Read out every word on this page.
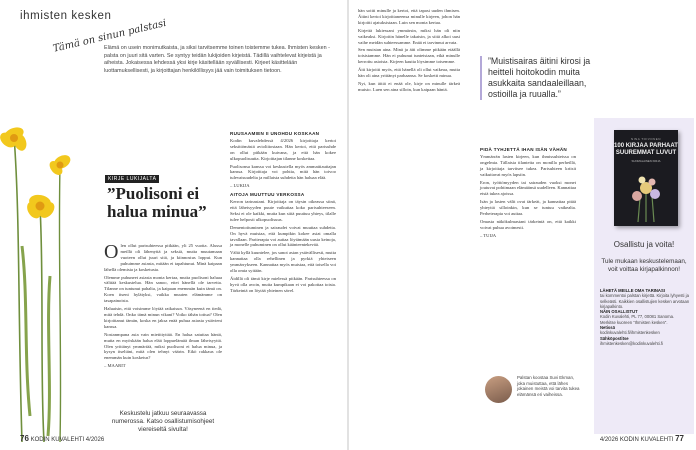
ihmisten kesken
Tämä on sinun palstasi

Elämä on usein monimutkaista, ja siksi tarvitsemme toinen toistemme tukea. Ihmisten kesken -palsta on juuri sitä varten. Se syntyy teidän lukijoiden kirjeistä. Tädillä vaihtelevat kirjeistä ja aiheista. Jokaisessa lehdessä yksi kirje käsitellään syvällisesti. Kirjeet käsittelään luottamuksellisesti, ja kirjoittajan henkilöllisyys jää vain toimituksen tietoon.

KIRJE LUKIJALTA
”Puolisoni ei halua minua”
O len ollut parisuhteessa pitkään, yli 25 vuotta. Alussa meillä oli lähenyttä ja seksiä, mutta muutamaan vuoteen ollut juuri sitä, ja kiinnostus loppui. Kun puhuimme asiasta, mitään ei tapahtunut. Minä kaipaan lähellä olemista ja kosketusta.

Olemme puhuneet asiasta monta kertaa, mutta puolisoni haluaa välttää keskustelua. Hän sanoo, ettei hänellä ole tarvetta. Tilanne on tuntunut pahalta, ja kaipaan enemmän kuin tämä on. Koen itseni hylätyksi, vaikka muuten elämämme on tasapainoista.

Haluaisin, että voisimme löytää ratkaisun. Väsyneenä en tiedä, mitä tehdä. Onko tämä minun vikani? Voiko tähän tottua? Olen kirjoittanut tämän, koska en jaksa enää puhua asiasta ystävieni kanssa.

Nostanmpana asia vain mietittyttää. En halua satuttaa häntä, mutta en myöskään halua elää loppuelämää ilman läheisyyttä. Olen yrittänyt ymmärtää, miksi puolisoni ei halua minua, ja kysyn itseltäni, mitä olen tehnyt väärin. Eikö rakkaus ole enemmän kuin kosketus?

– MAARIT

Keskustelu jatkuu seuraavassa numerossa. Katso osallistumisohjeet viereiseltä sivulta!

RUUSAAMIEN II UNOHDU KOSKAAN

Kodin kuvalehdessä 4/2026 kirjoittaja kertoi seksittömästä avioliitostaan. Hän kertoi, että parisuhde on ollut pitkään kuivana, ja että hän kokee ulkopuolisuutta. Kirjoittajan tilanne koskettaa.

Puolisonsa kanssa voi keskustella myös ammattiauttajan kanssa. Kirjoittaja voi pohtia, mitä hän toivoo tulevaisuudelta ja millaista suhdetta hän haluaa elää.

– LUKIJA

AITOJA MUUTTUU VERKOSSA

Kerron tarinastani. Kirjoittaja on täysin oikeassa siinä, että läheisyyden puute vaikuttaa koko parisuhteeseen. Seksi ei ole kaikki, mutta kun siitä puuttuu yhteys, tilalle tulee helposti ulkopuolisuus.

Dementoituminen ja sairaudet voivat muuttaa suhdetta. On hyvä muistaa, että kumpikin kokee asiat omalla tavallaan. Pariterapia voi auttaa löytämään uusia keinoja, ja monelle puhuminen on ollut käänteentekevää.

Vältä kyllä kuuntelee, jos sanot asian ystävällisesti, mutta kannattaa olla rehellinen ja pyrkiä yhteiseen ymmärrykseen. Kannattaa myös muistaa, että toisella voi olla omia syitään.

Äidillä oli tämä kirje mielessä pitkään. Parisuhteessa on hyvä olla avoin, mutta kumpikaan ei voi pakottaa toista. Tärkeintä on löytää yhteinen sävel.

76 KODIN KUVALEHTI 4/2026

hän soitti minulle ja kertoi, että tapasi uuden ihmisen. Äitini kertoi kirjoittaneensa minulle kirjeen, johon hän kirjoitti ajatuksistaan. Luin sen monta kertaa.

Kirjettä lukiessani ymmärsin, miksi hän oli niin vaikeaksi. Kirjoitin hänelle takaisin, ja siitä alkoi uusi vaihe meidän suhteessamme. Enää ei tarvinnut arvata.

Sen muistan aina. Minä ja äiti olimme pitkään etäällä toisistamme. Hän ei puhunut tunteistaan, eikä minulle kerrottu asioista. Kirjeen kautta löysimme toisemme.

Äiti kirjoitti myös, että hänellä oli ollut vaikeaa, mutta hän oli aina yrittänyt parhaansa. Se kosketti minua.

Nyt, kun äitiä ei enää ole, kirje on minulle tärkeä muisto. Luen sen aina silloin, kun kaipaan häntä.

”Muistisairas äitini kirosi ja heitteli hoitokodin muita asukkaita sandaaleillaan, ostioilla ja ruualla.”

PIDÄ TYHJETTÄ IHAN ISÄN VÄHÄN

Ymmärrän lasten kirjeen, kun ihmissuhteissa on ongelmia. Tällaisia tilanteita on monilla perheillä, ja kirjoittaja tarvitsee tukea. Parisuhteen kriisit vaikuttavat myös lapsiin.

Eron, työttömyyden tai sairauden vuoksi monet joutuvat pohtimaan elämäänsä uudelleen. Kannattaa etsiä tukea ajoissa.

Isän ja lasten välit ovat tärkeät, ja kannattaa pitää yhteyttä silloinkin, kun se tuntuu vaikealta. Perheterapia voi auttaa.

Omasta näkökulmastani tärkeintä on, että kaikki voivat puhua avoimesti.

– TUIJA

Palstan koostaa Suvi Ekman, joka muistuttaa, että lähes jokainen meistä voi tarvita tukea elämänsä eri vaiheissa.

NINA TOIVONEN
100 KIRJAA PARHAAT SUUREMMAT LUVUT
SUOMALAINEN KIRJA

Osallistu ja voita!

Tule mukaan keskustelemaan, voit voittaa kirjapalkinnon!

LÄHETÄ MEILLE OMA TARINASI
tai kommentoi palstan kirjettä. Kirjoita lyhyesti ja selkeästi. Kaikkien osallistujien kesken arvotaan kirjapalkinto.
NÄIN OSALLISTUT
Kodin Kuvalehti, PL 77, 00081 Sanoma. Merkitse kuoreen ”Ihmisten kesken”.
Netissä
kodinkuvalehti.fi/ihmistenkesken
Sähköpostitse
ihmistenkesken@kodinkuvalehti.fi
4/2026 KODIN KUVALEHTI 77
